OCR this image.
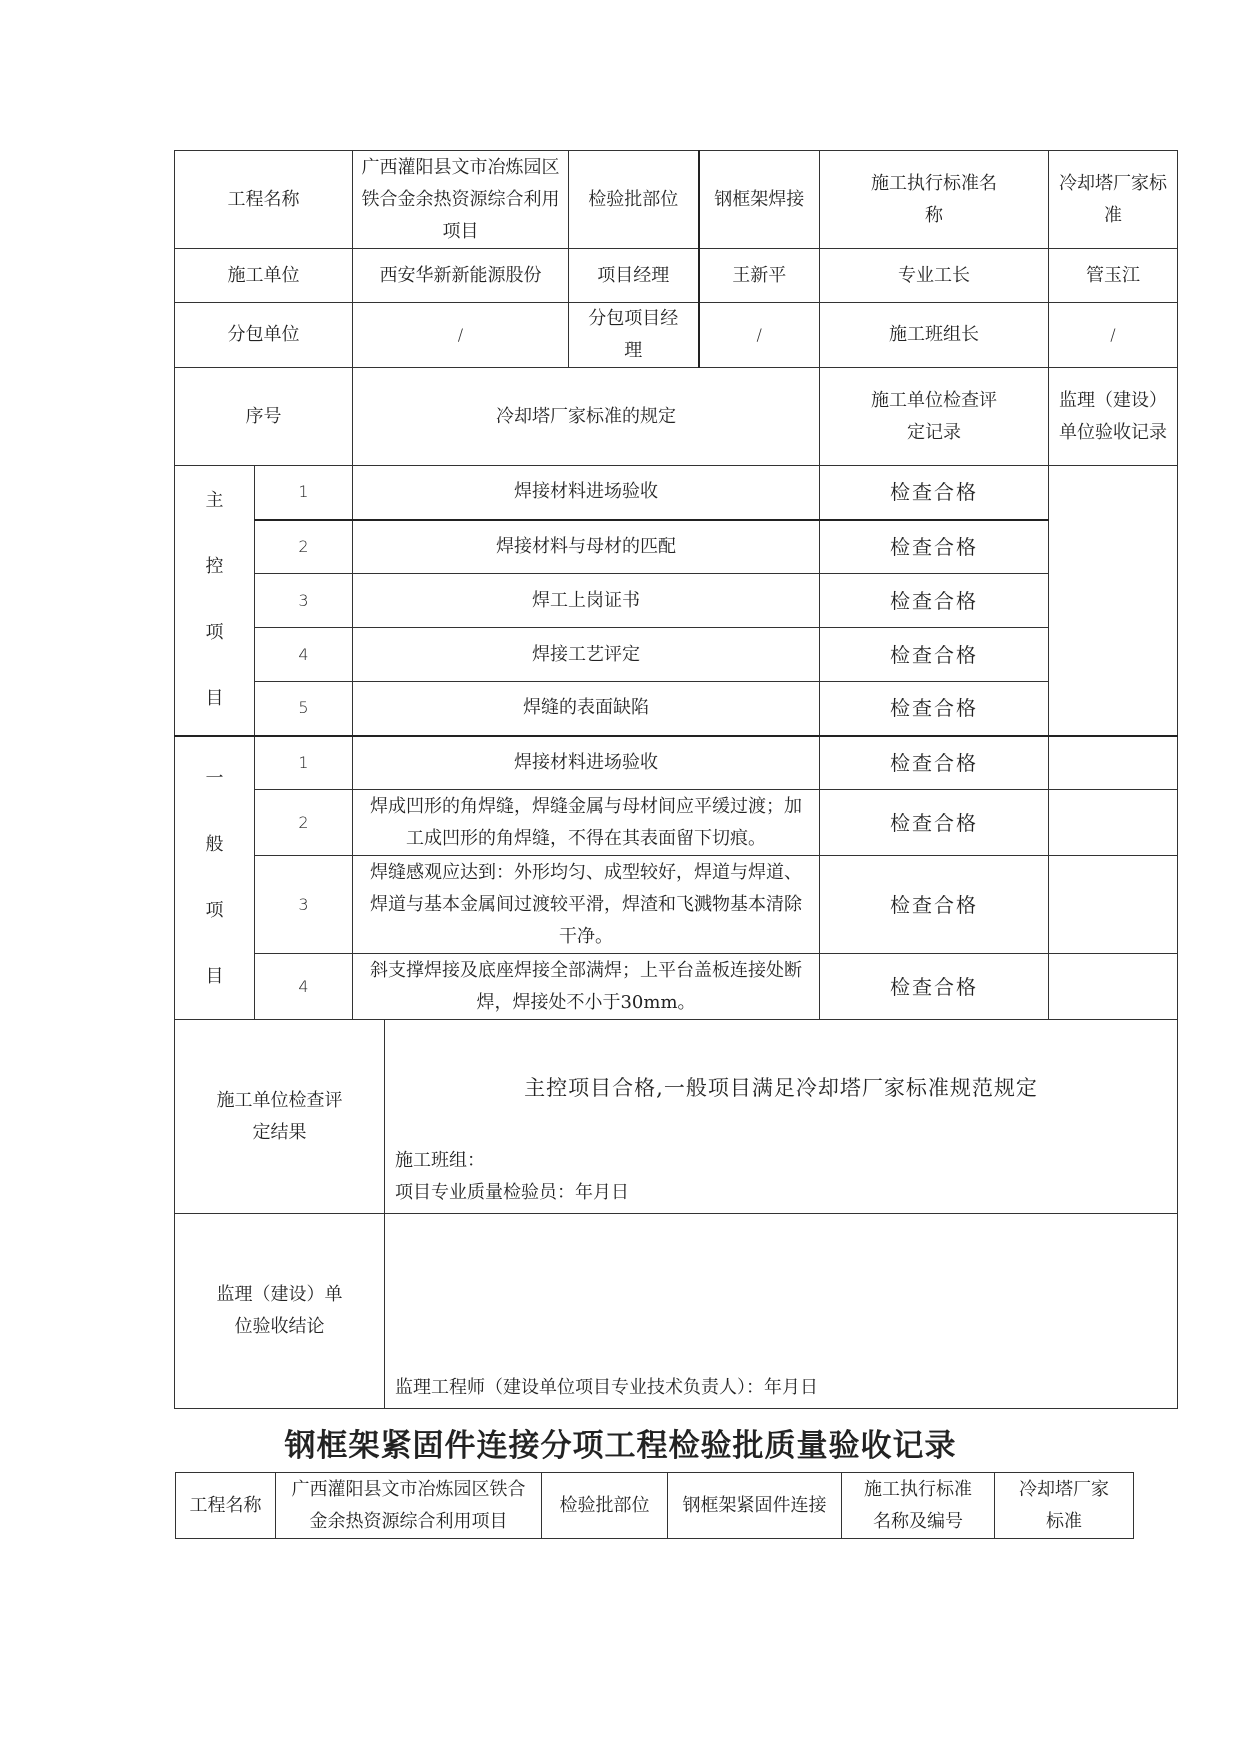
工程名称		广西灌阳县文市冶炼园区铁合金余热资源综合利用项目		检验批部位	钢框架焊接	施工执行标准名称	冷却塔厂家标准
施工单位		西安华新新能源股份		项目经理	王新平	专业工长	管玉江
分包单位		/		分包项目经理	/	施工班组长	/
序号		冷却塔厂家标准的规定				施工单位检查评定记录	监理（建设）单位验收记录

主
控
项
目	1	焊接材料进场验收				检查合格	
	2	焊接材料与母材的匹配				检查合格	
	3	焊工上岗证书				检查合格	
	4	焊接工艺评定				检查合格	
	5	焊缝的表面缺陷				检查合格	

一
般
项
目	1	焊接材料进场验收				检查合格	
	2	焊成凹形的角焊缝，焊缝金属与母材间应平缓过渡；加工成凹形的角焊缝，不得在其表面留下切痕。				检查合格	
	3	焊缝感观应达到：外形均匀、成型较好，焊道与焊道、焊道与基本金属间过渡较平滑，焊渣和飞溅物基本清除干净。				检查合格	
	4	斜支撑焊接及底座焊接全部满焊；上平台盖板连接处断焊，焊接处不小于30mm。				检查合格	
施工单位检查评定结果			主控项目合格,一般项目满足冷却塔厂家标准规范规定
施工班组：
项目专业质量检验员：年月日				

监理（建设）单位验收结论			监理工程师（建设单位项目专业技术负责人）：年月日				
钢框架紧固件连接分项工程检验批质量验收记录
工程名称	广西灌阳县文市冶炼园区铁合金余热资源综合利用项目	检验批部位	钢框架紧固件连接	施工执行标准名称及编号	冷却塔厂家标准
